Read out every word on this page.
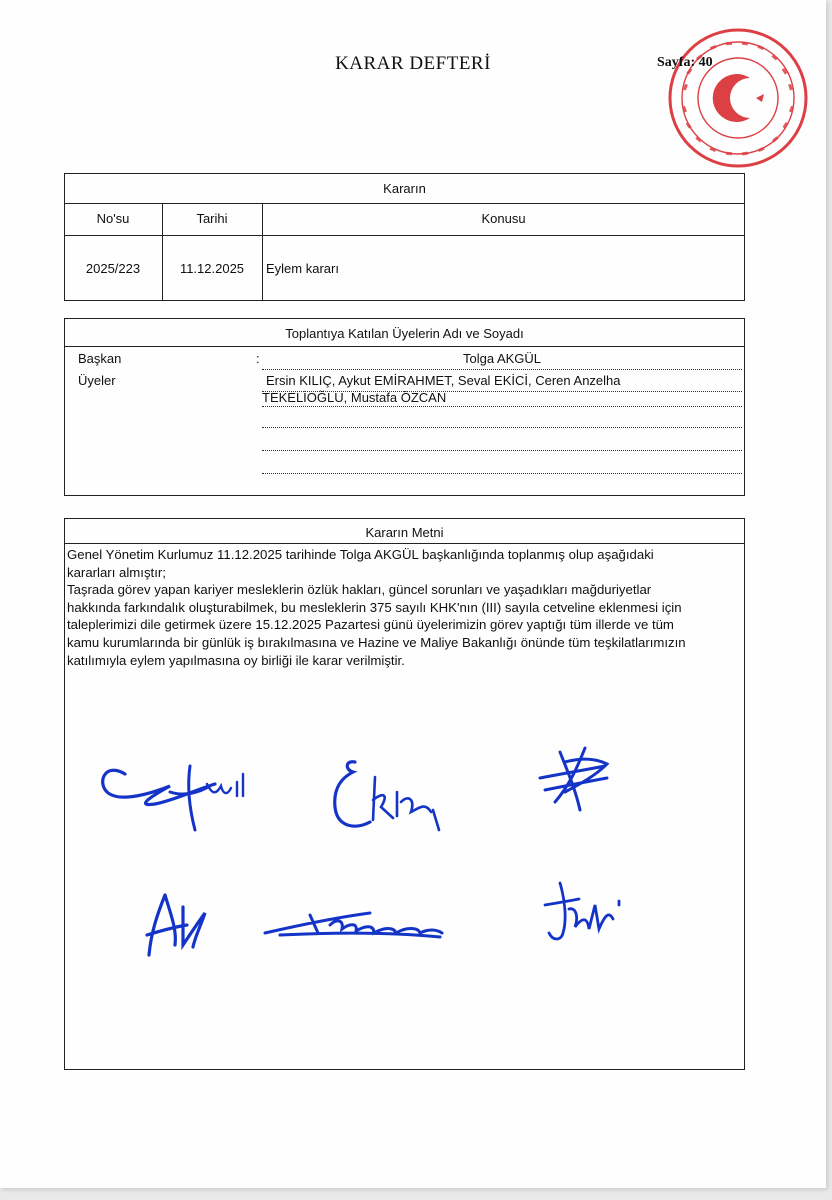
KARAR DEFTERİ	Sayfa: 40
Kararın
No'su	Tarihi	Konusu
2025/223	11.12.2025	Eylem kararı
Toplantıya Katılan Üyelerin Adı ve Soyadı
Başkan	:	Tolga AKGÜL
Üyeler	Ersin KILIÇ, Aykut EMİRAHMET, Seval EKİCİ, Ceren Anzelha
TEKELİOĞLU, Mustafa ÖZCAN
Kararın Metni

Genel Yönetim Kurlumuz 11.12.2025 tarihinde Tolga AKGÜL başkanlığında toplanmış olup aşağıdaki

kararları almıştır;

Taşrada görev yapan kariyer mesleklerin özlük hakları, güncel sorunları ve yaşadıkları mağduriyetlar

hakkında farkındalık oluşturabilmek, bu mesleklerin 375 sayılı KHK'nın (III) sayıla cetveline eklenmesi için

taleplerimizi dile getirmek üzere 15.12.2025 Pazartesi günü üyelerimizin görev yaptığı tüm illerde ve tüm

kamu kurumlarında bir günlük iş bırakılmasına ve Hazine ve Maliye Bakanlığı önünde tüm teşkilatlarımızın

katılımıyla eylem yapılmasına oy birliği ile karar verilmiştir.
